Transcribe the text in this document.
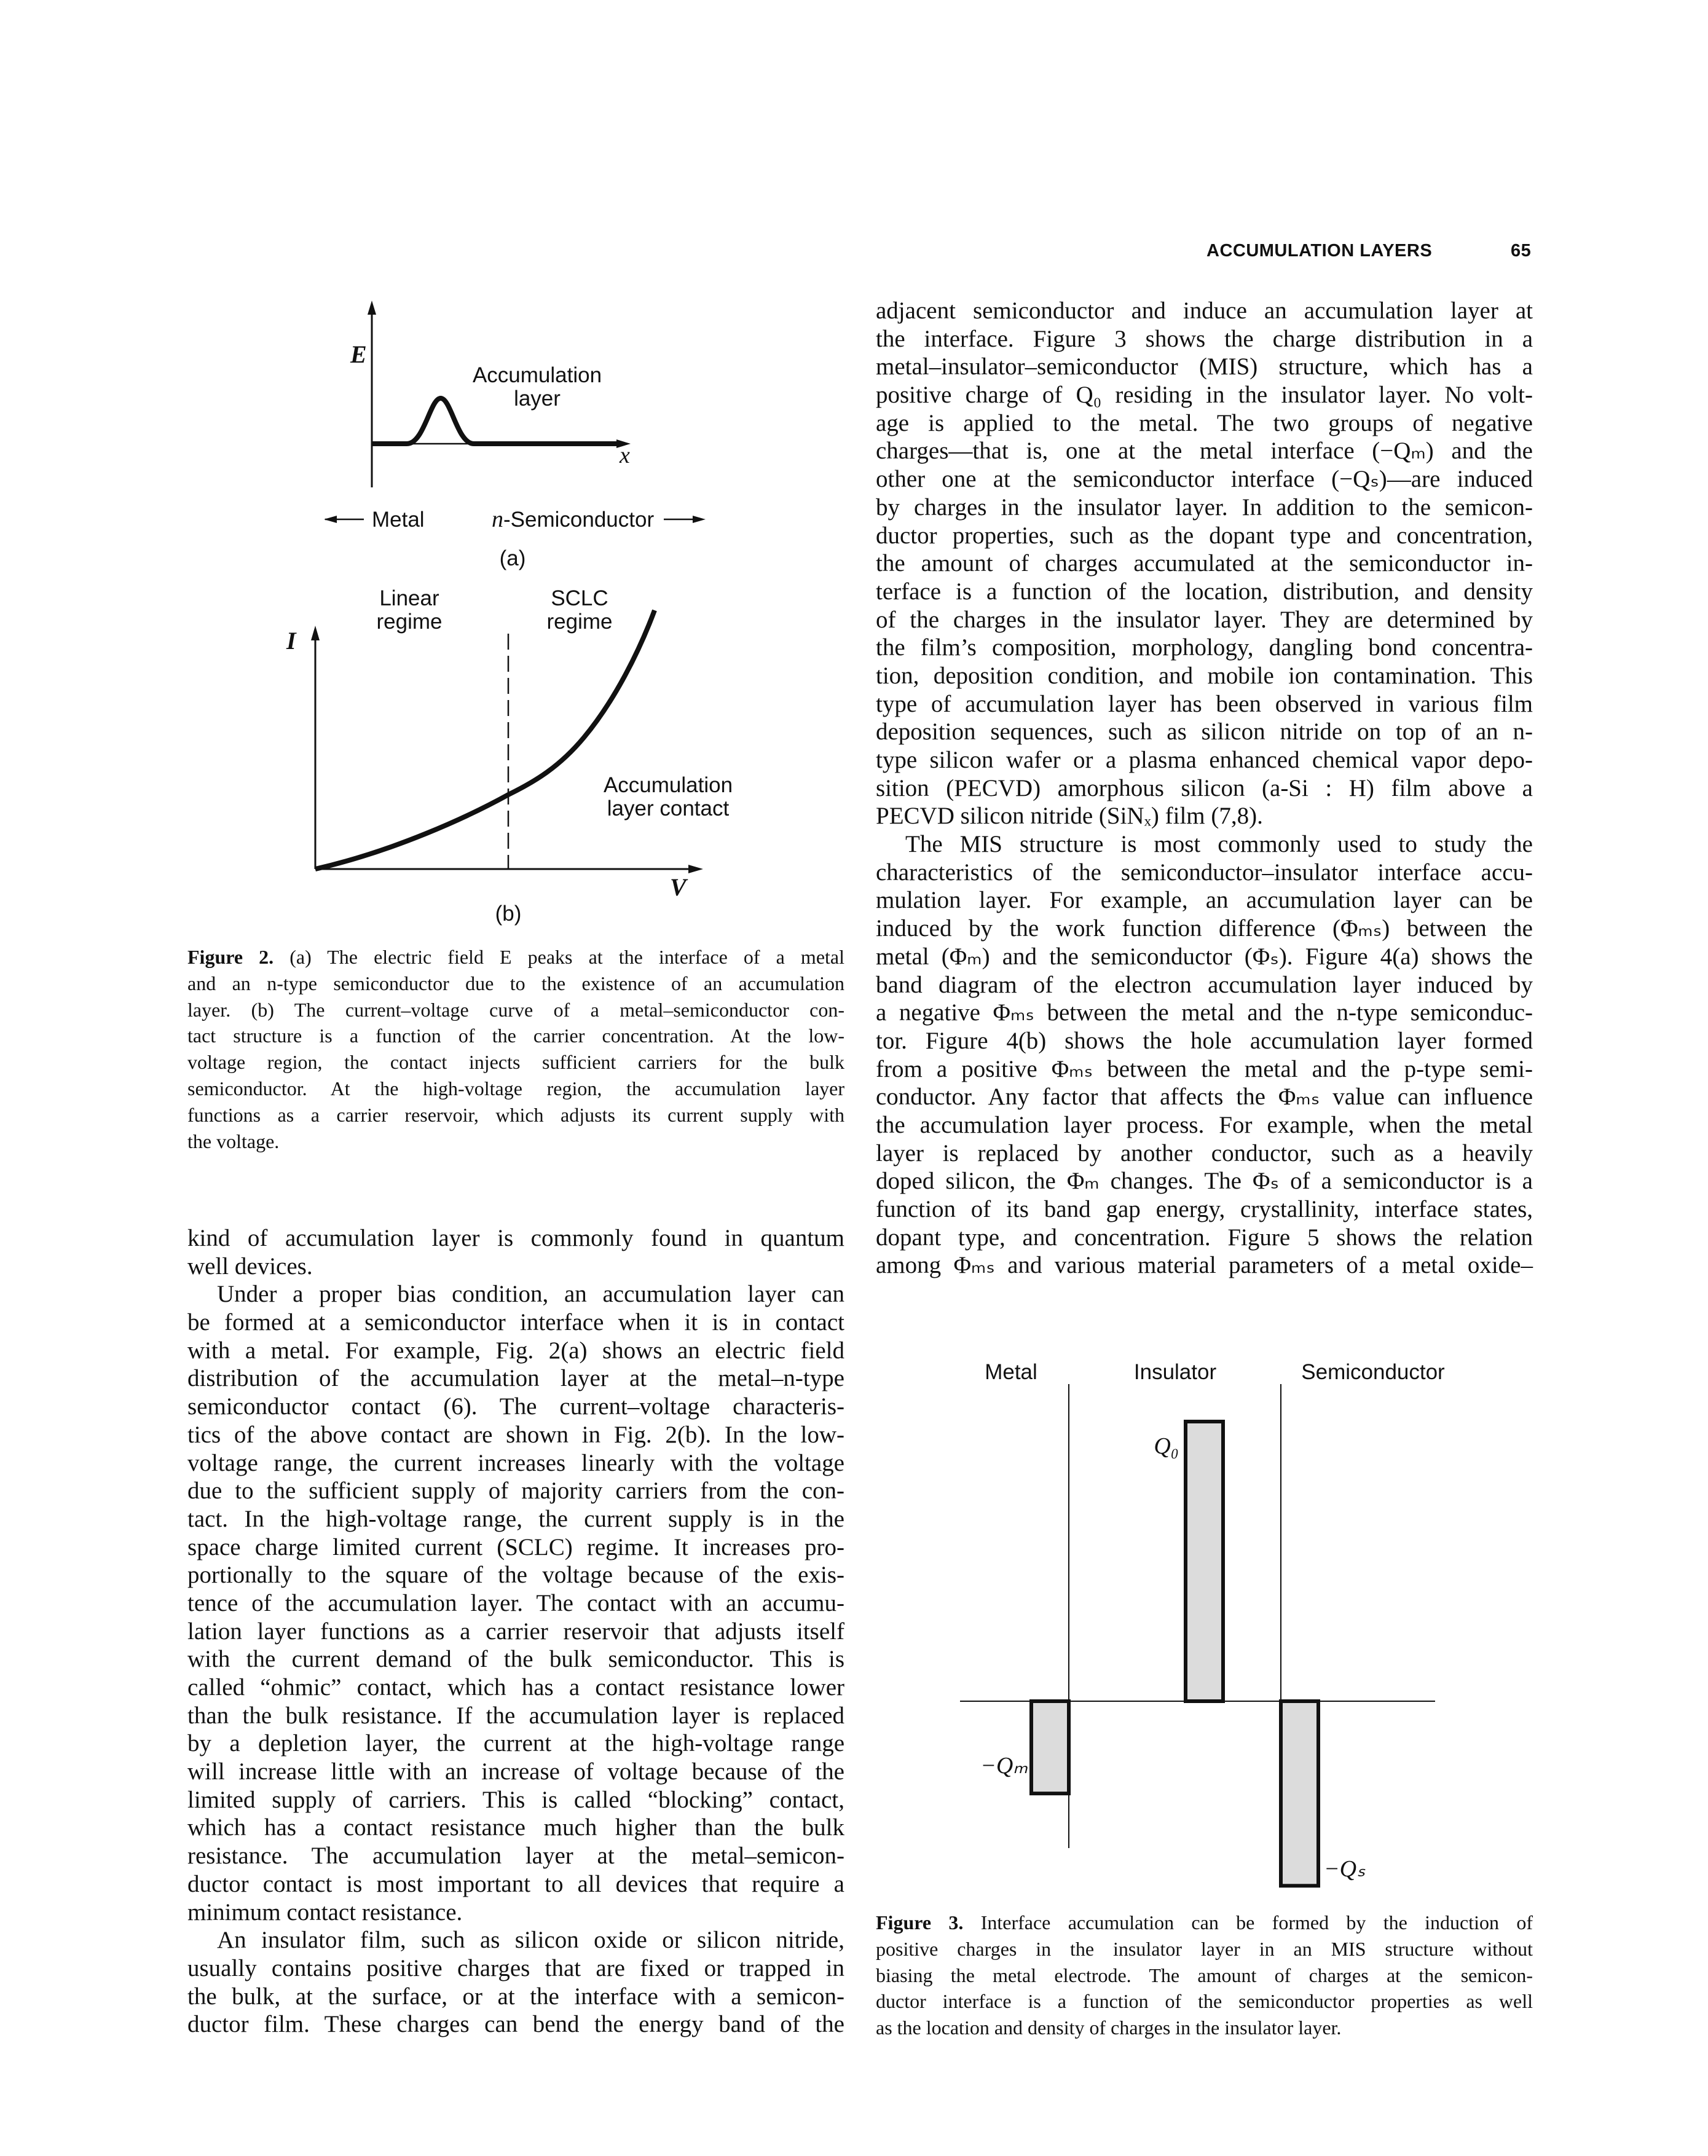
ACCUMULATION LAYERS	65
E
x
Accumulation
layer
Metal	n-Semiconductor
(a)
I
V
Linear
regime
SCLC
regime
Accumulation
layer contact
(b)
Metal	Insulator	Semiconductor
Q₀
−Qₘ
−Qₛ
Figure 2. (a) The electric field E peaks at the interface of a metal
and an n-type semiconductor due to the existence of an accumulation
layer. (b) The current–voltage curve of a metal–semiconductor con-
tact structure is a function of the carrier concentration. At the low-
voltage region, the contact injects sufficient carriers for the bulk
semiconductor. At the high-voltage region, the accumulation layer
functions as a carrier reservoir, which adjusts its current supply with
the voltage.
Figure 3. Interface accumulation can be formed by the induction of
positive charges in the insulator layer in an MIS structure without
biasing the metal electrode. The amount of charges at the semicon-
ductor interface is a function of the semiconductor properties as well
as the location and density of charges in the insulator layer.
kind of accumulation layer is commonly found in quantum
well devices.
Under a proper bias condition, an accumulation layer can
be formed at a semiconductor interface when it is in contact
with a metal. For example, Fig. 2(a) shows an electric field
distribution of the accumulation layer at the metal–n-type
semiconductor contact (6). The current–voltage characteris-
tics of the above contact are shown in Fig. 2(b). In the low-
voltage range, the current increases linearly with the voltage
due to the sufficient supply of majority carriers from the con-
tact. In the high-voltage range, the current supply is in the
space charge limited current (SCLC) regime. It increases pro-
portionally to the square of the voltage because of the exis-
tence of the accumulation layer. The contact with an accumu-
lation layer functions as a carrier reservoir that adjusts itself
with the current demand of the bulk semiconductor. This is
called “ohmic” contact, which has a contact resistance lower
than the bulk resistance. If the accumulation layer is replaced
by a depletion layer, the current at the high-voltage range
will increase little with an increase of voltage because of the
limited supply of carriers. This is called “blocking” contact,
which has a contact resistance much higher than the bulk
resistance. The accumulation layer at the metal–semicon-
ductor contact is most important to all devices that require a
minimum contact resistance.
An insulator film, such as silicon oxide or silicon nitride,
usually contains positive charges that are fixed or trapped in
the bulk, at the surface, or at the interface with a semicon-
ductor film. These charges can bend the energy band of the
adjacent semiconductor and induce an accumulation layer at
the interface. Figure 3 shows the charge distribution in a
metal–insulator–semiconductor (MIS) structure, which has a
positive charge of Q₀ residing in the insulator layer. No volt-
age is applied to the metal. The two groups of negative
charges—that is, one at the metal interface (−Qₘ) and the
other one at the semiconductor interface (−Qₛ)—are induced
by charges in the insulator layer. In addition to the semicon-
ductor properties, such as the dopant type and concentration,
the amount of charges accumulated at the semiconductor in-
terface is a function of the location, distribution, and density
of the charges in the insulator layer. They are determined by
the film’s composition, morphology, dangling bond concentra-
tion, deposition condition, and mobile ion contamination. This
type of accumulation layer has been observed in various film
deposition sequences, such as silicon nitride on top of an n-
type silicon wafer or a plasma enhanced chemical vapor depo-
sition (PECVD) amorphous silicon (a-Si : H) film above a
PECVD silicon nitride (SiNₓ) film (7,8).
The MIS structure is most commonly used to study the
characteristics of the semiconductor–insulator interface accu-
mulation layer. For example, an accumulation layer can be
induced by the work function difference (Φₘₛ) between the
metal (Φₘ) and the semiconductor (Φₛ). Figure 4(a) shows the
band diagram of the electron accumulation layer induced by
a negative Φₘₛ between the metal and the n-type semiconduc-
tor. Figure 4(b) shows the hole accumulation layer formed
from a positive Φₘₛ between the metal and the p-type semi-
conductor. Any factor that affects the Φₘₛ value can influence
the accumulation layer process. For example, when the metal
layer is replaced by another conductor, such as a heavily
doped silicon, the Φₘ changes. The Φₛ of a semiconductor is a
function of its band gap energy, crystallinity, interface states,
dopant type, and concentration. Figure 5 shows the relation
among Φₘₛ and various material parameters of a metal oxide–
